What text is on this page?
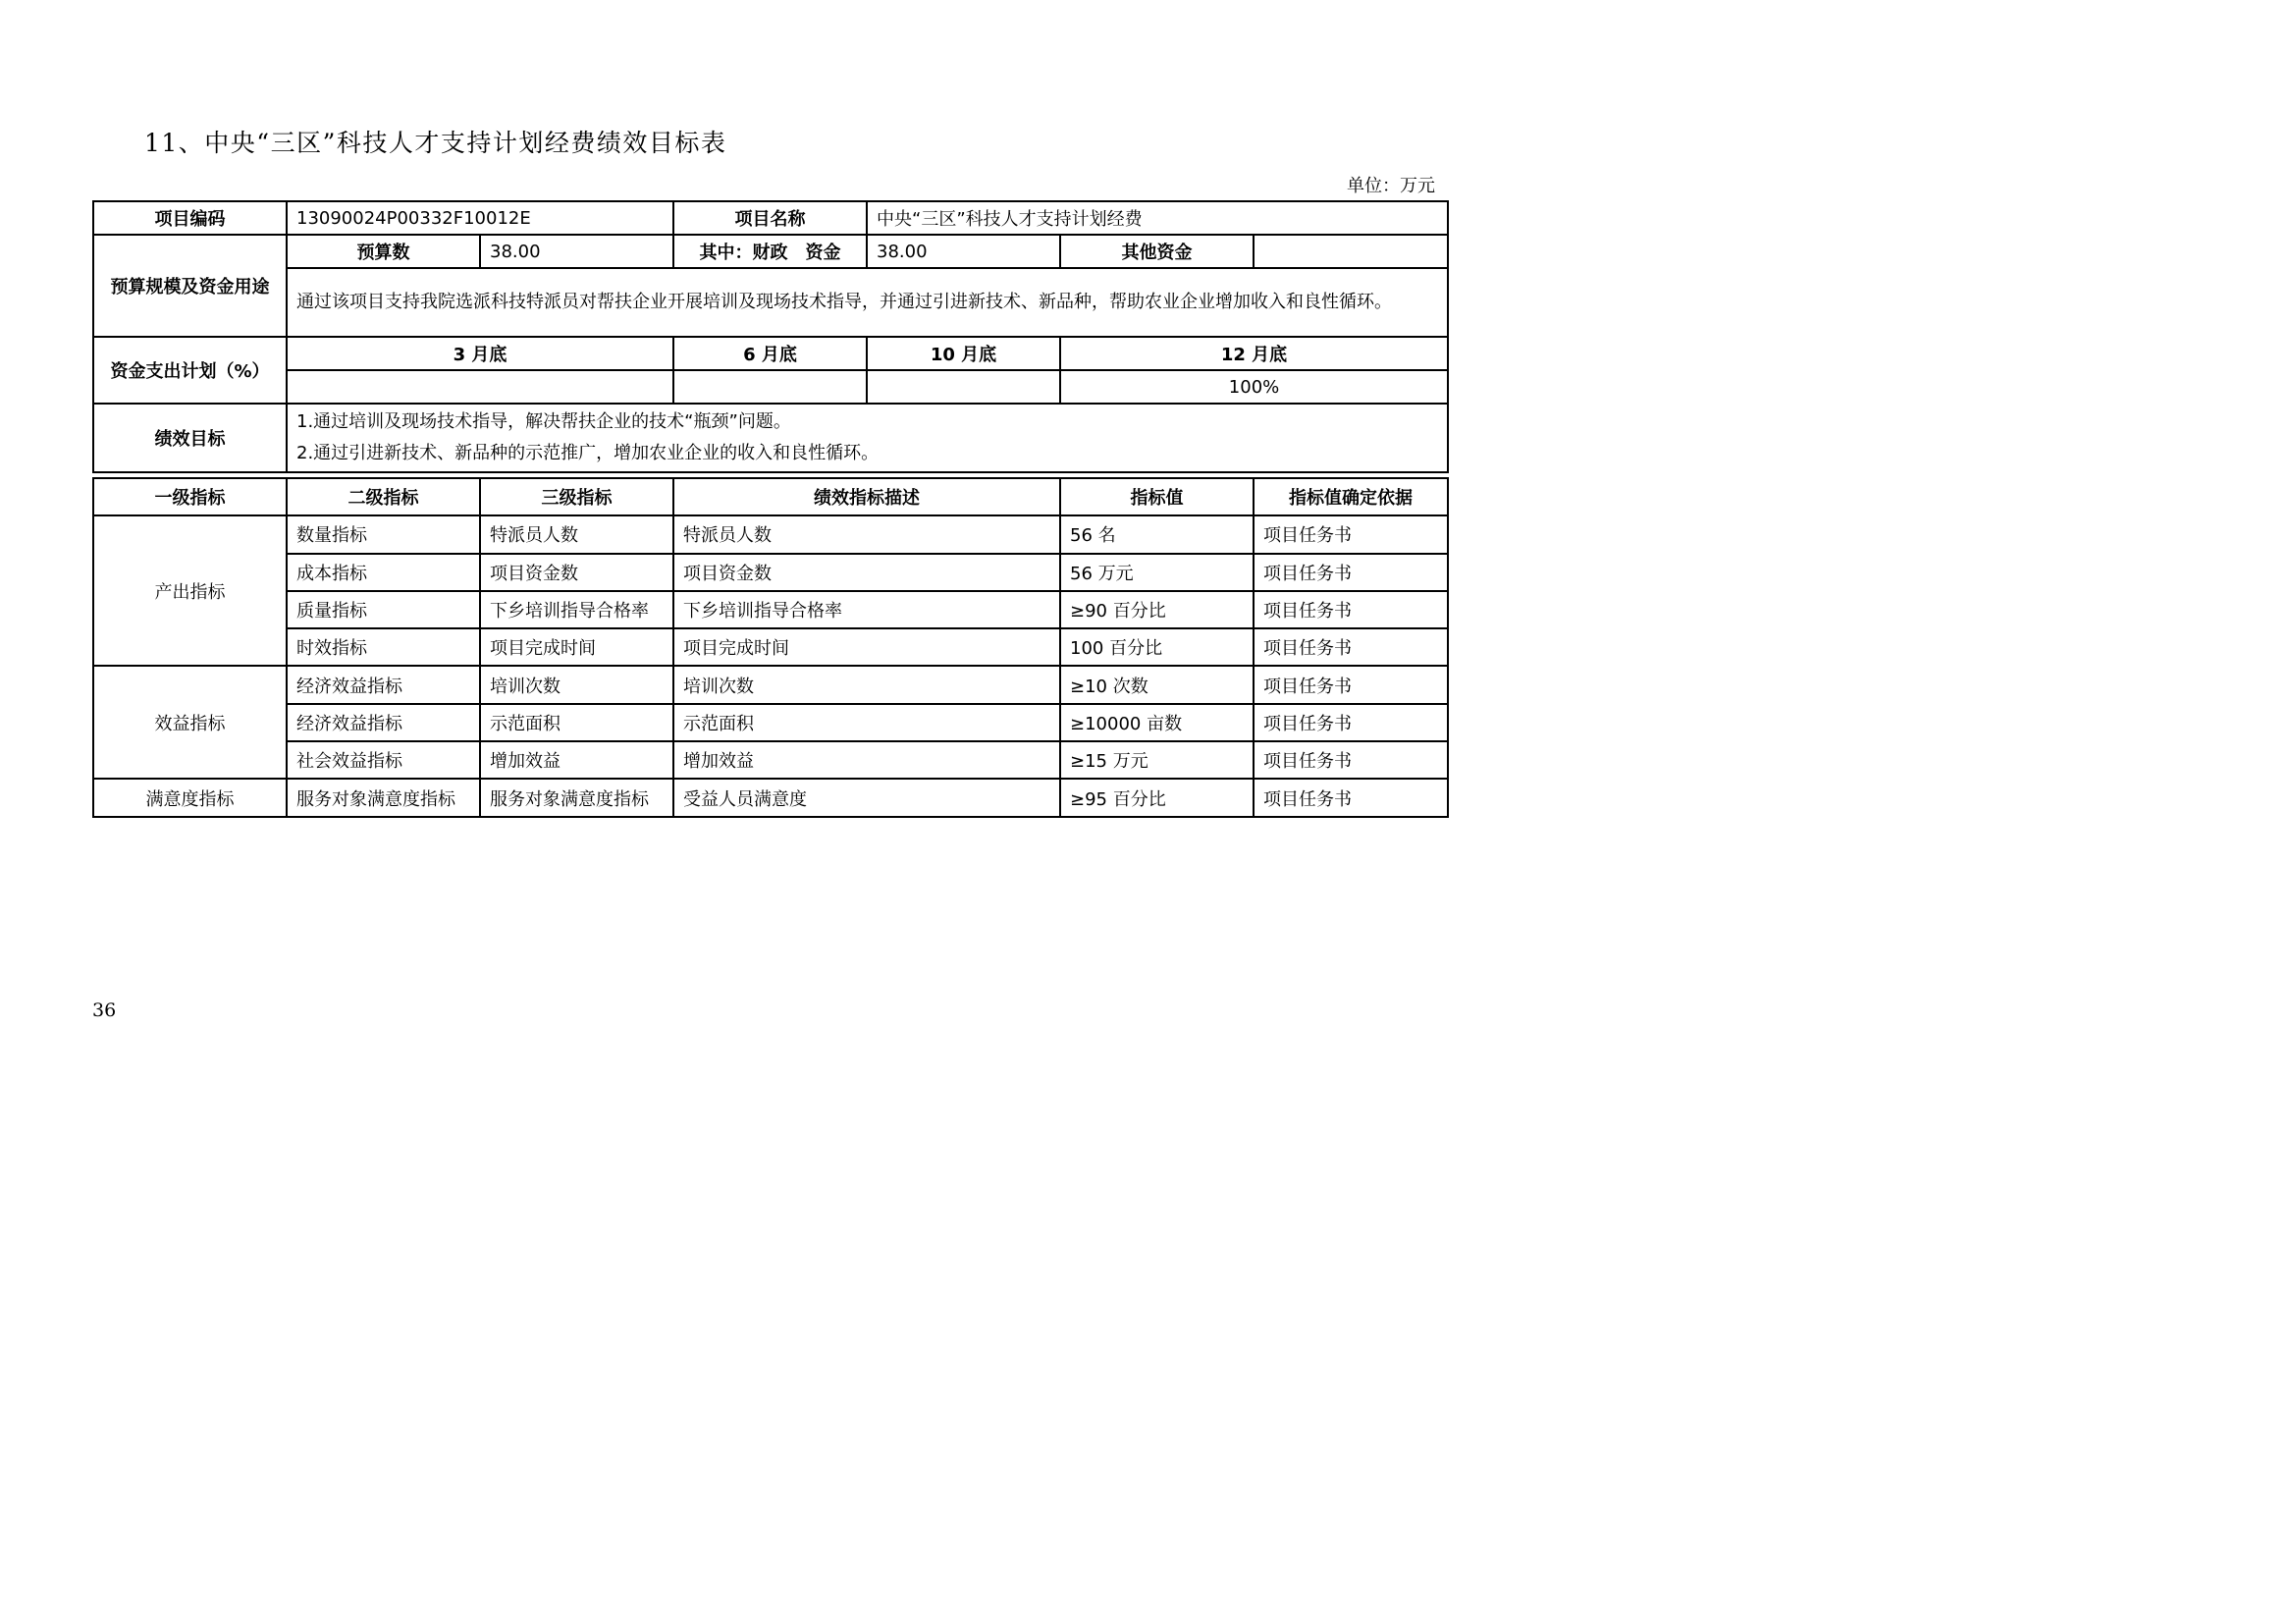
11、中央“三区”科技人才支持计划经费绩效目标表
单位：万元
项目编码	13090024P00332F10012E		项目名称	中央“三区”科技人才支持计划经费		
预算规模及资金用途	预算数	38.00	其中：财政　资金	38.00	其他资金	
	通过该项目支持我院选派科技特派员对帮扶企业开展培训及现场技术指导，并通过引进新技术、新品种，帮助农业企业增加收入和良性循环。					
资金支出计划（%）	3 月底		6 月底	10 月底	12 月底	
					100%	
绩效目标	1.通过培训及现场技术指导，解决帮扶企业的技术“瓶颈”问题。
2.通过引进新技术、新品种的示范推广，增加农业企业的收入和良性循环。					
一级指标	二级指标	三级指标	绩效指标描述	指标值	指标值确定依据
产出指标	数量指标	特派员人数	特派员人数	56 名	项目任务书
	成本指标	项目资金数	项目资金数	56 万元	项目任务书
	质量指标	下乡培训指导合格率	下乡培训指导合格率	≥90 百分比	项目任务书
	时效指标	项目完成时间	项目完成时间	100 百分比	项目任务书
效益指标	经济效益指标	培训次数	培训次数	≥10 次数	项目任务书
	经济效益指标	示范面积	示范面积	≥10000 亩数	项目任务书
	社会效益指标	增加效益	增加效益	≥15 万元	项目任务书
满意度指标	服务对象满意度指标	服务对象满意度指标	受益人员满意度	≥95 百分比	项目任务书
36
